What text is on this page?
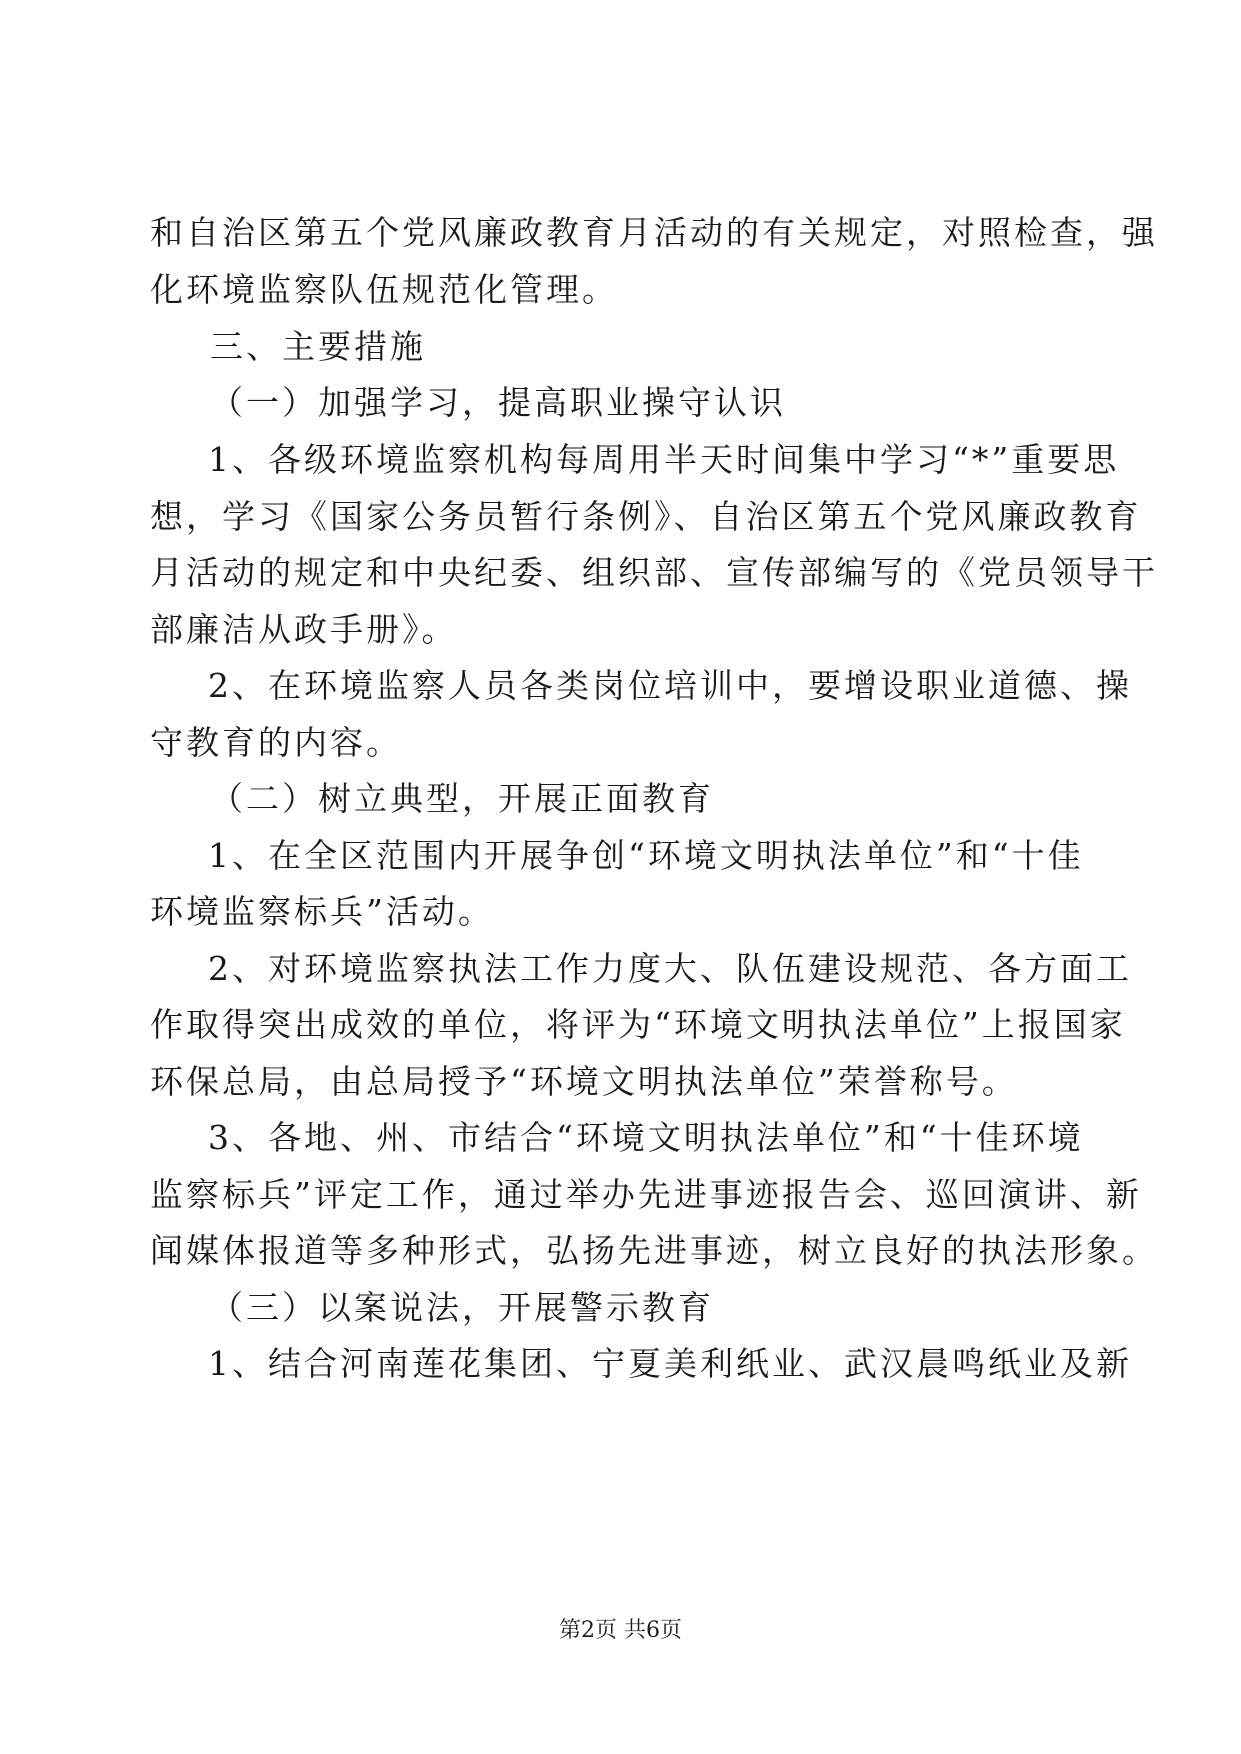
和自治区第五个党风廉政教育月活动的有关规定，对照检查，强
化环境监察队伍规范化管理。
三、主要措施
（一）加强学习，提高职业操守认识
1、各级环境监察机构每周用半天时间集中学习“*”重要思
想，学习《国家公务员暂行条例》、自治区第五个党风廉政教育
月活动的规定和中央纪委、组织部、宣传部编写的《党员领导干
部廉洁从政手册》。
2、在环境监察人员各类岗位培训中，要增设职业道德、操
守教育的内容。
（二）树立典型，开展正面教育
1、在全区范围内开展争创“环境文明执法单位”和“十佳
环境监察标兵”活动。
2、对环境监察执法工作力度大、队伍建设规范、各方面工
作取得突出成效的单位，将评为“环境文明执法单位”上报国家
环保总局，由总局授予“环境文明执法单位”荣誉称号。
3、各地、州、市结合“环境文明执法单位”和“十佳环境
监察标兵”评定工作，通过举办先进事迹报告会、巡回演讲、新
闻媒体报道等多种形式，弘扬先进事迹，树立良好的执法形象。
（三）以案说法，开展警示教育
1、结合河南莲花集团、宁夏美利纸业、武汉晨鸣纸业及新
第2页 共6页
